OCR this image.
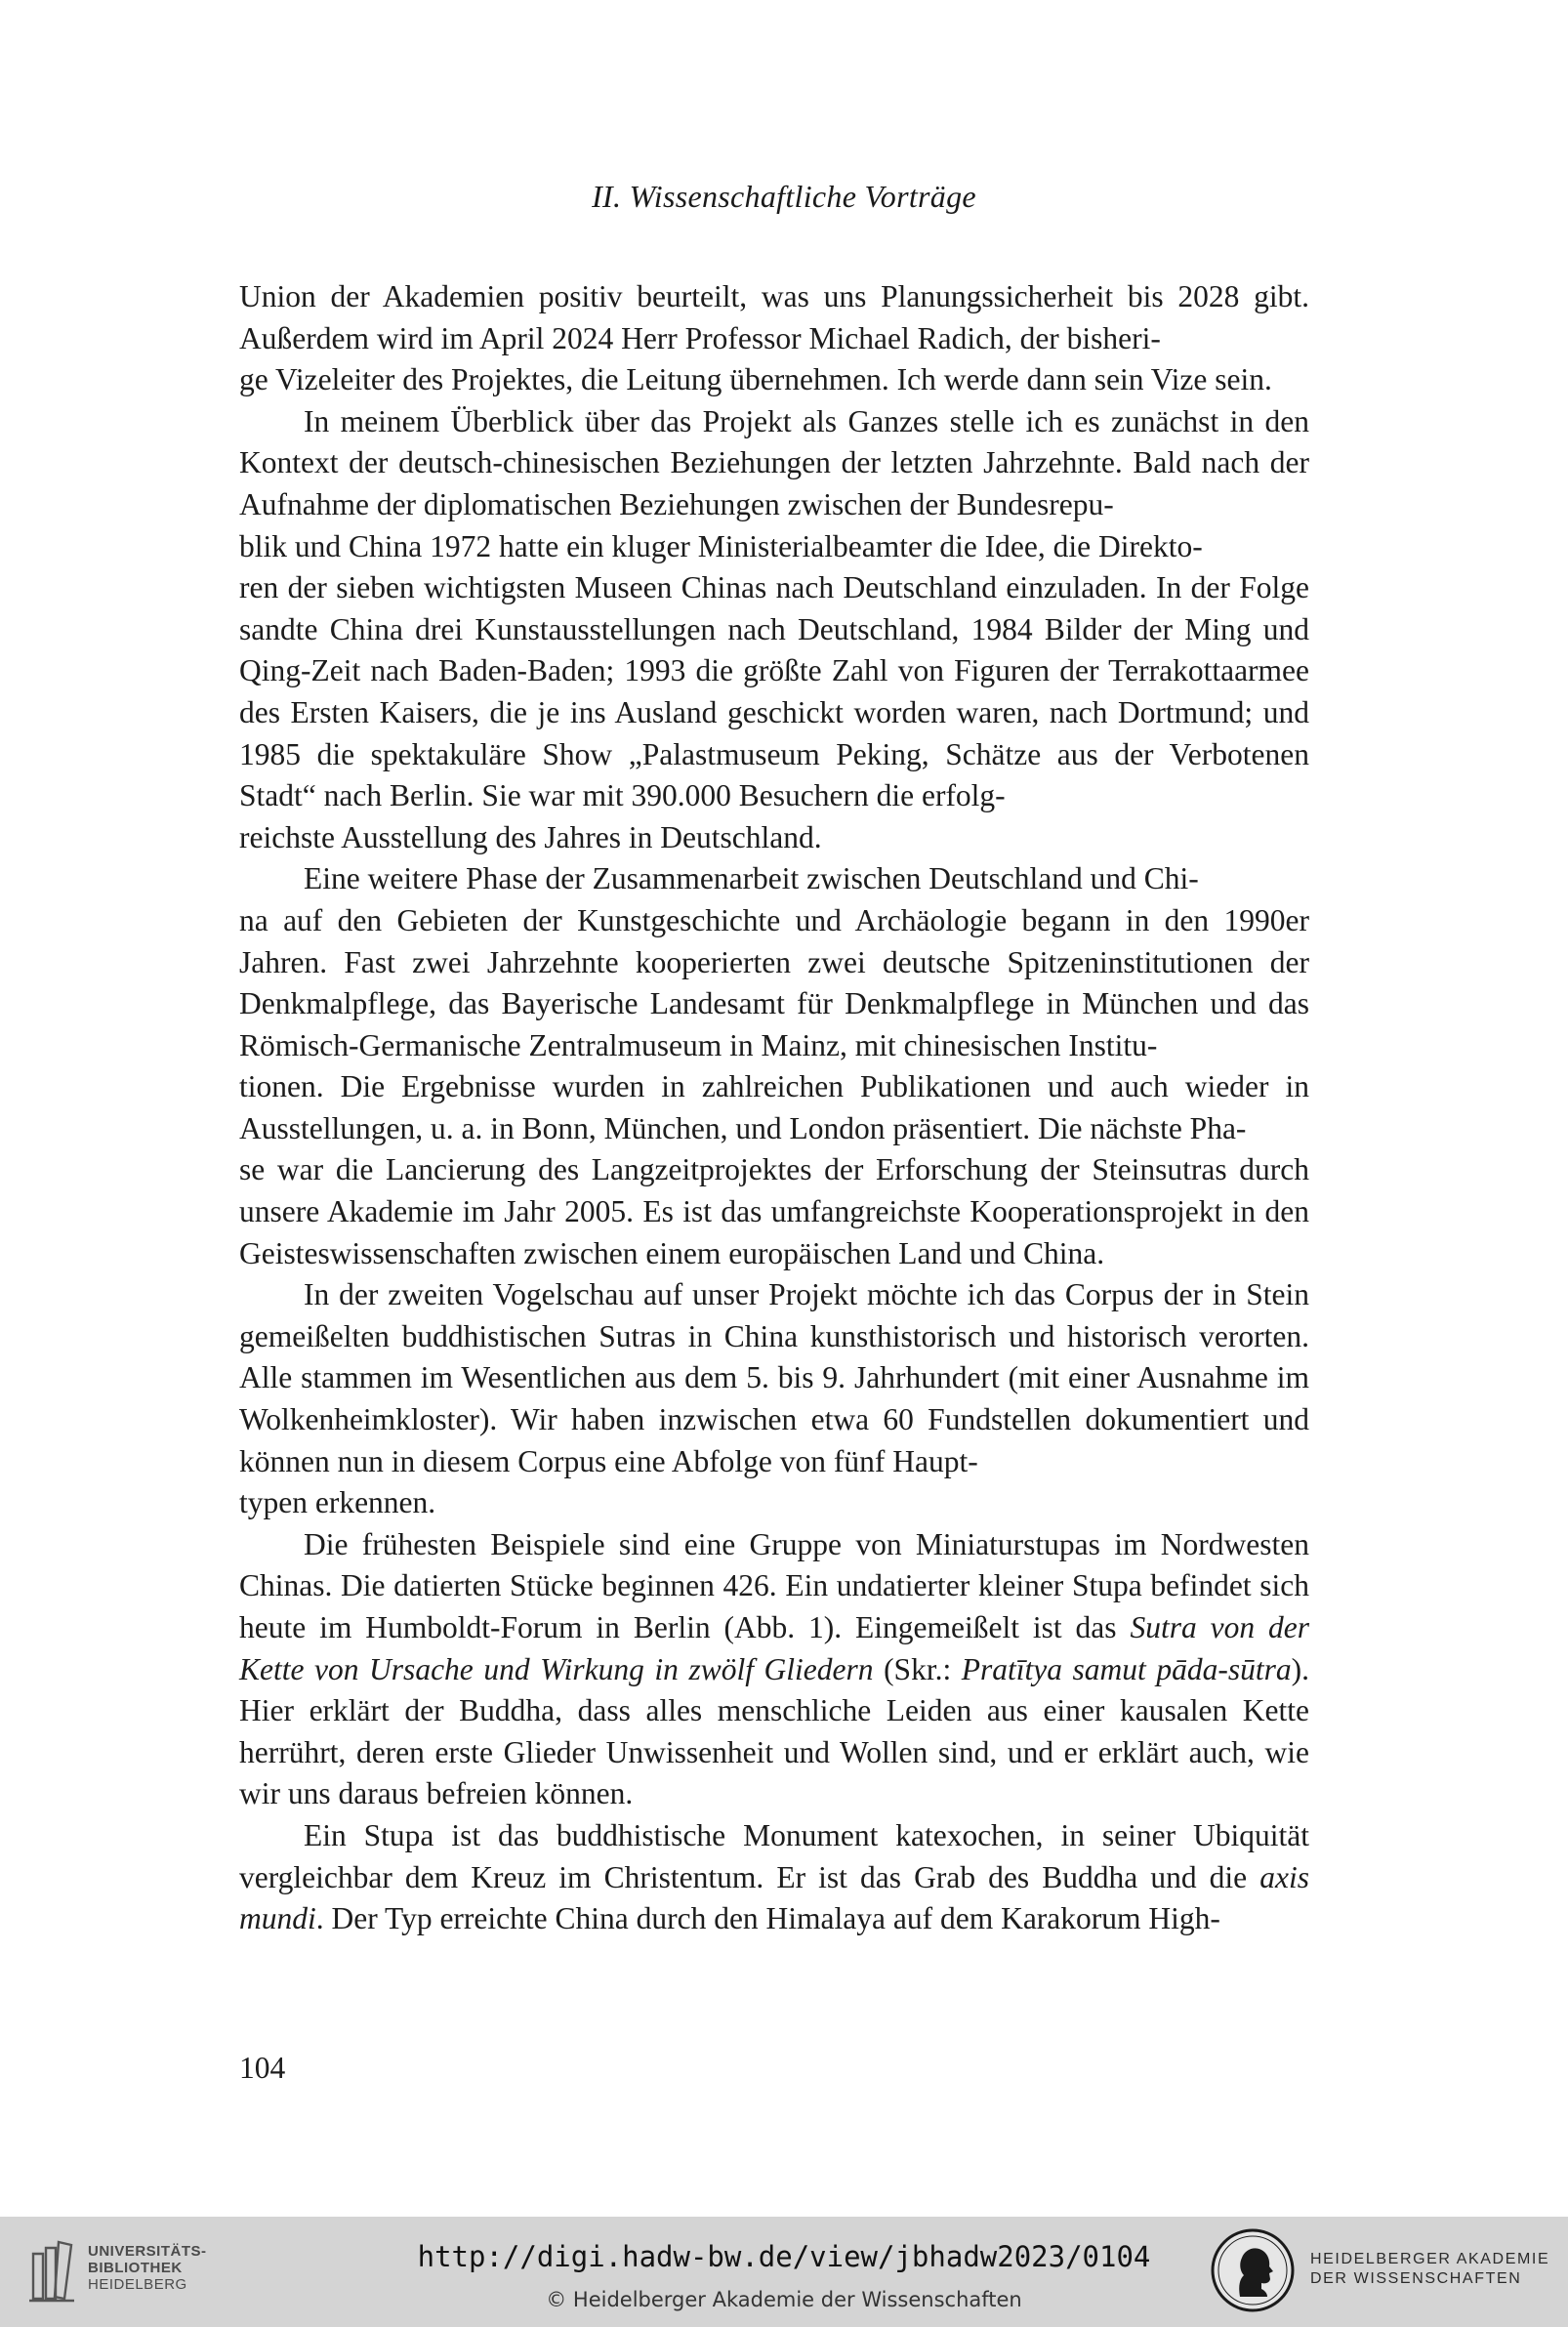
II. Wissenschaftliche Vorträge

Union der Akademien positiv beurteilt, was uns Planungssicherheit bis 2028 gibt. Außerdem wird im April 2024 Herr Professor Michael Radich, der bisheri-
ge Vizeleiter des Projektes, die Leitung übernehmen. Ich werde dann sein Vize sein.

In meinem Überblick über das Projekt als Ganzes stelle ich es zunächst in den Kontext der deutsch-chinesischen Beziehungen der letzten Jahrzehnte. Bald nach der Aufnahme der diplomatischen Beziehungen zwischen der Bundesrepu-
blik und China 1972 hatte ein kluger Ministerialbeamter die Idee, die Direkto-
ren der sieben wichtigsten Museen Chinas nach Deutschland einzuladen. In der Folge sandte China drei Kunstausstellungen nach Deutschland, 1984 Bilder der Ming und Qing-Zeit nach Baden-Baden; 1993 die größte Zahl von Figuren der Terrakottaarmee des Ersten Kaisers, die je ins Ausland geschickt worden waren, nach Dortmund; und 1985 die spektakuläre Show „Palastmuseum Peking, Schätze aus der Verbotenen Stadt“ nach Berlin. Sie war mit 390.000 Besuchern die erfolg-
reichste Ausstellung des Jahres in Deutschland.

Eine weitere Phase der Zusammenarbeit zwischen Deutschland und Chi-
na auf den Gebieten der Kunstgeschichte und Archäologie begann in den 1990er Jahren. Fast zwei Jahrzehnte kooperierten zwei deutsche Spitzeninstitutionen der Denkmalpflege, das Bayerische Landesamt für Denkmalpflege in München und das Römisch-Germanische Zentralmuseum in Mainz, mit chinesischen Institu-
tionen. Die Ergebnisse wurden in zahlreichen Publikationen und auch wieder in Ausstellungen, u. a. in Bonn, München, und London präsentiert. Die nächste Pha-
se war die Lancierung des Langzeitprojektes der Erforschung der Steinsutras durch unsere Akademie im Jahr 2005. Es ist das umfangreichste Kooperationsprojekt in den Geisteswissenschaften zwischen einem europäischen Land und China.

In der zweiten Vogelschau auf unser Projekt möchte ich das Corpus der in Stein gemeißelten buddhistischen Sutras in China kunsthistorisch und historisch verorten. Alle stammen im Wesentlichen aus dem 5. bis 9. Jahrhundert (mit einer Ausnahme im Wolkenheimkloster). Wir haben inzwischen etwa 60 Fundstellen dokumentiert und können nun in diesem Corpus eine Abfolge von fünf Haupt-
typen erkennen.

Die frühesten Beispiele sind eine Gruppe von Miniaturstupas im Nordwesten Chinas. Die datierten Stücke beginnen 426. Ein undatierter kleiner Stupa befindet sich heute im Humboldt-Forum in Berlin (Abb. 1). Eingemeißelt ist das Sutra von der Kette von Ursache und Wirkung in zwölf Gliedern (Skr.: Pratītya samut pāda-sūtra). Hier erklärt der Buddha, dass alles menschliche Leiden aus einer kausalen Kette herrührt, deren erste Glieder Unwissenheit und Wollen sind, und er erklärt auch, wie wir uns daraus befreien können.

Ein Stupa ist das buddhistische Monument katexochen, in seiner Ubiquität vergleichbar dem Kreuz im Christentum. Er ist das Grab des Buddha und die axis mundi. Der Typ erreichte China durch den Himalaya auf dem Karakorum High-

104
UNIVERSITÄTS-
BIBLIOTHEK
HEIDELBERG
http://digi.hadw-bw.de/view/jbhadw2023/0104
© Heidelberger Akademie der Wissenschaften
HEIDELBERGER AKADEMIE
DER WISSENSCHAFTEN
